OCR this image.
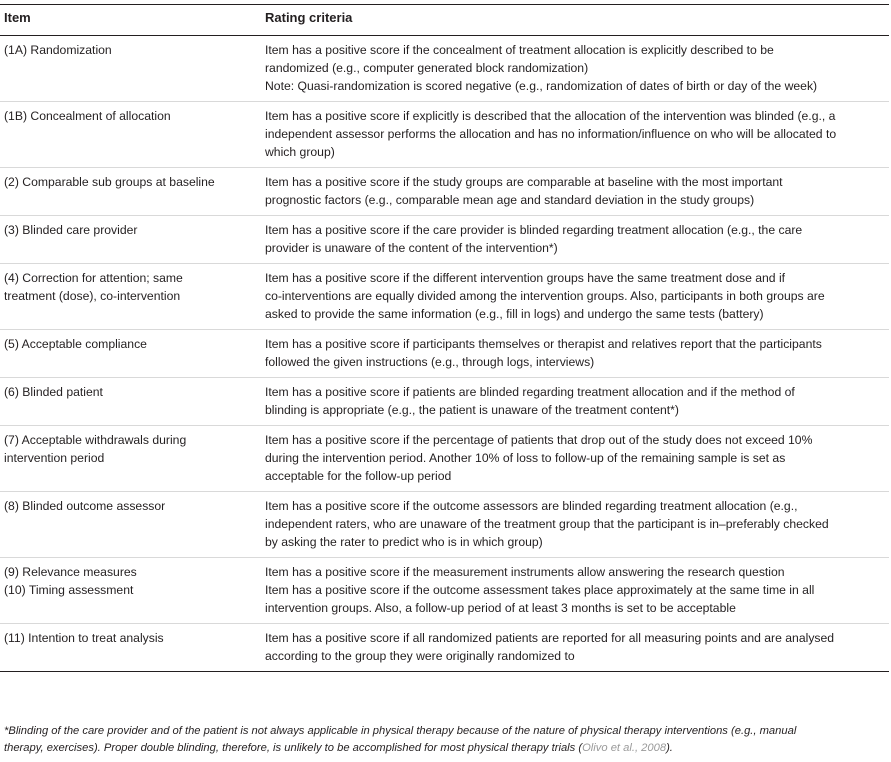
Item	Rating criteria

(1A) Randomization	Item has a positive score if the concealment of treatment allocation is explicitly described to be
randomized (e.g., computer generated block randomization)
Note: Quasi-randomization is scored negative (e.g., randomization of dates of birth or day of the week)

(1B) Concealment of allocation	Item has a positive score if explicitly is described that the allocation of the intervention was blinded (e.g., a
independent assessor performs the allocation and has no information/influence on who will be allocated to
which group)

(2) Comparable sub groups at baseline	Item has a positive score if the study groups are comparable at baseline with the most important
prognostic factors (e.g., comparable mean age and standard deviation in the study groups)

(3) Blinded care provider	Item has a positive score if the care provider is blinded regarding treatment allocation (e.g., the care
provider is unaware of the content of the intervention*)

(4) Correction for attention; same
treatment (dose), co-intervention	Item has a positive score if the different intervention groups have the same treatment dose and if
co-interventions are equally divided among the intervention groups. Also, participants in both groups are
asked to provide the same information (e.g., fill in logs) and undergo the same tests (battery)

(5) Acceptable compliance	Item has a positive score if participants themselves or therapist and relatives report that the participants
followed the given instructions (e.g., through logs, interviews)

(6) Blinded patient	Item has a positive score if patients are blinded regarding treatment allocation and if the method of
blinding is appropriate (e.g., the patient is unaware of the treatment content*)

(7) Acceptable withdrawals during
intervention period	Item has a positive score if the percentage of patients that drop out of the study does not exceed 10%
during the intervention period. Another 10% of loss to follow-up of the remaining sample is set as
acceptable for the follow-up period

(8) Blinded outcome assessor	Item has a positive score if the outcome assessors are blinded regarding treatment allocation (e.g.,
independent raters, who are unaware of the treatment group that the participant is in–preferably checked
by asking the rater to predict who is in which group)

(9) Relevance measures
(10) Timing assessment	Item has a positive score if the measurement instruments allow answering the research question
Item has a positive score if the outcome assessment takes place approximately at the same time in all
intervention groups. Also, a follow-up period of at least 3 months is set to be acceptable

(11) Intention to treat analysis	Item has a positive score if all randomized patients are reported for all measuring points and are analysed
according to the group they were originally randomized to
*Blinding of the care provider and of the patient is not always applicable in physical therapy because of the nature of physical therapy interventions (e.g., manual
therapy, exercises). Proper double blinding, therefore, is unlikely to be accomplished for most physical therapy trials (Olivo et al., 2008).
